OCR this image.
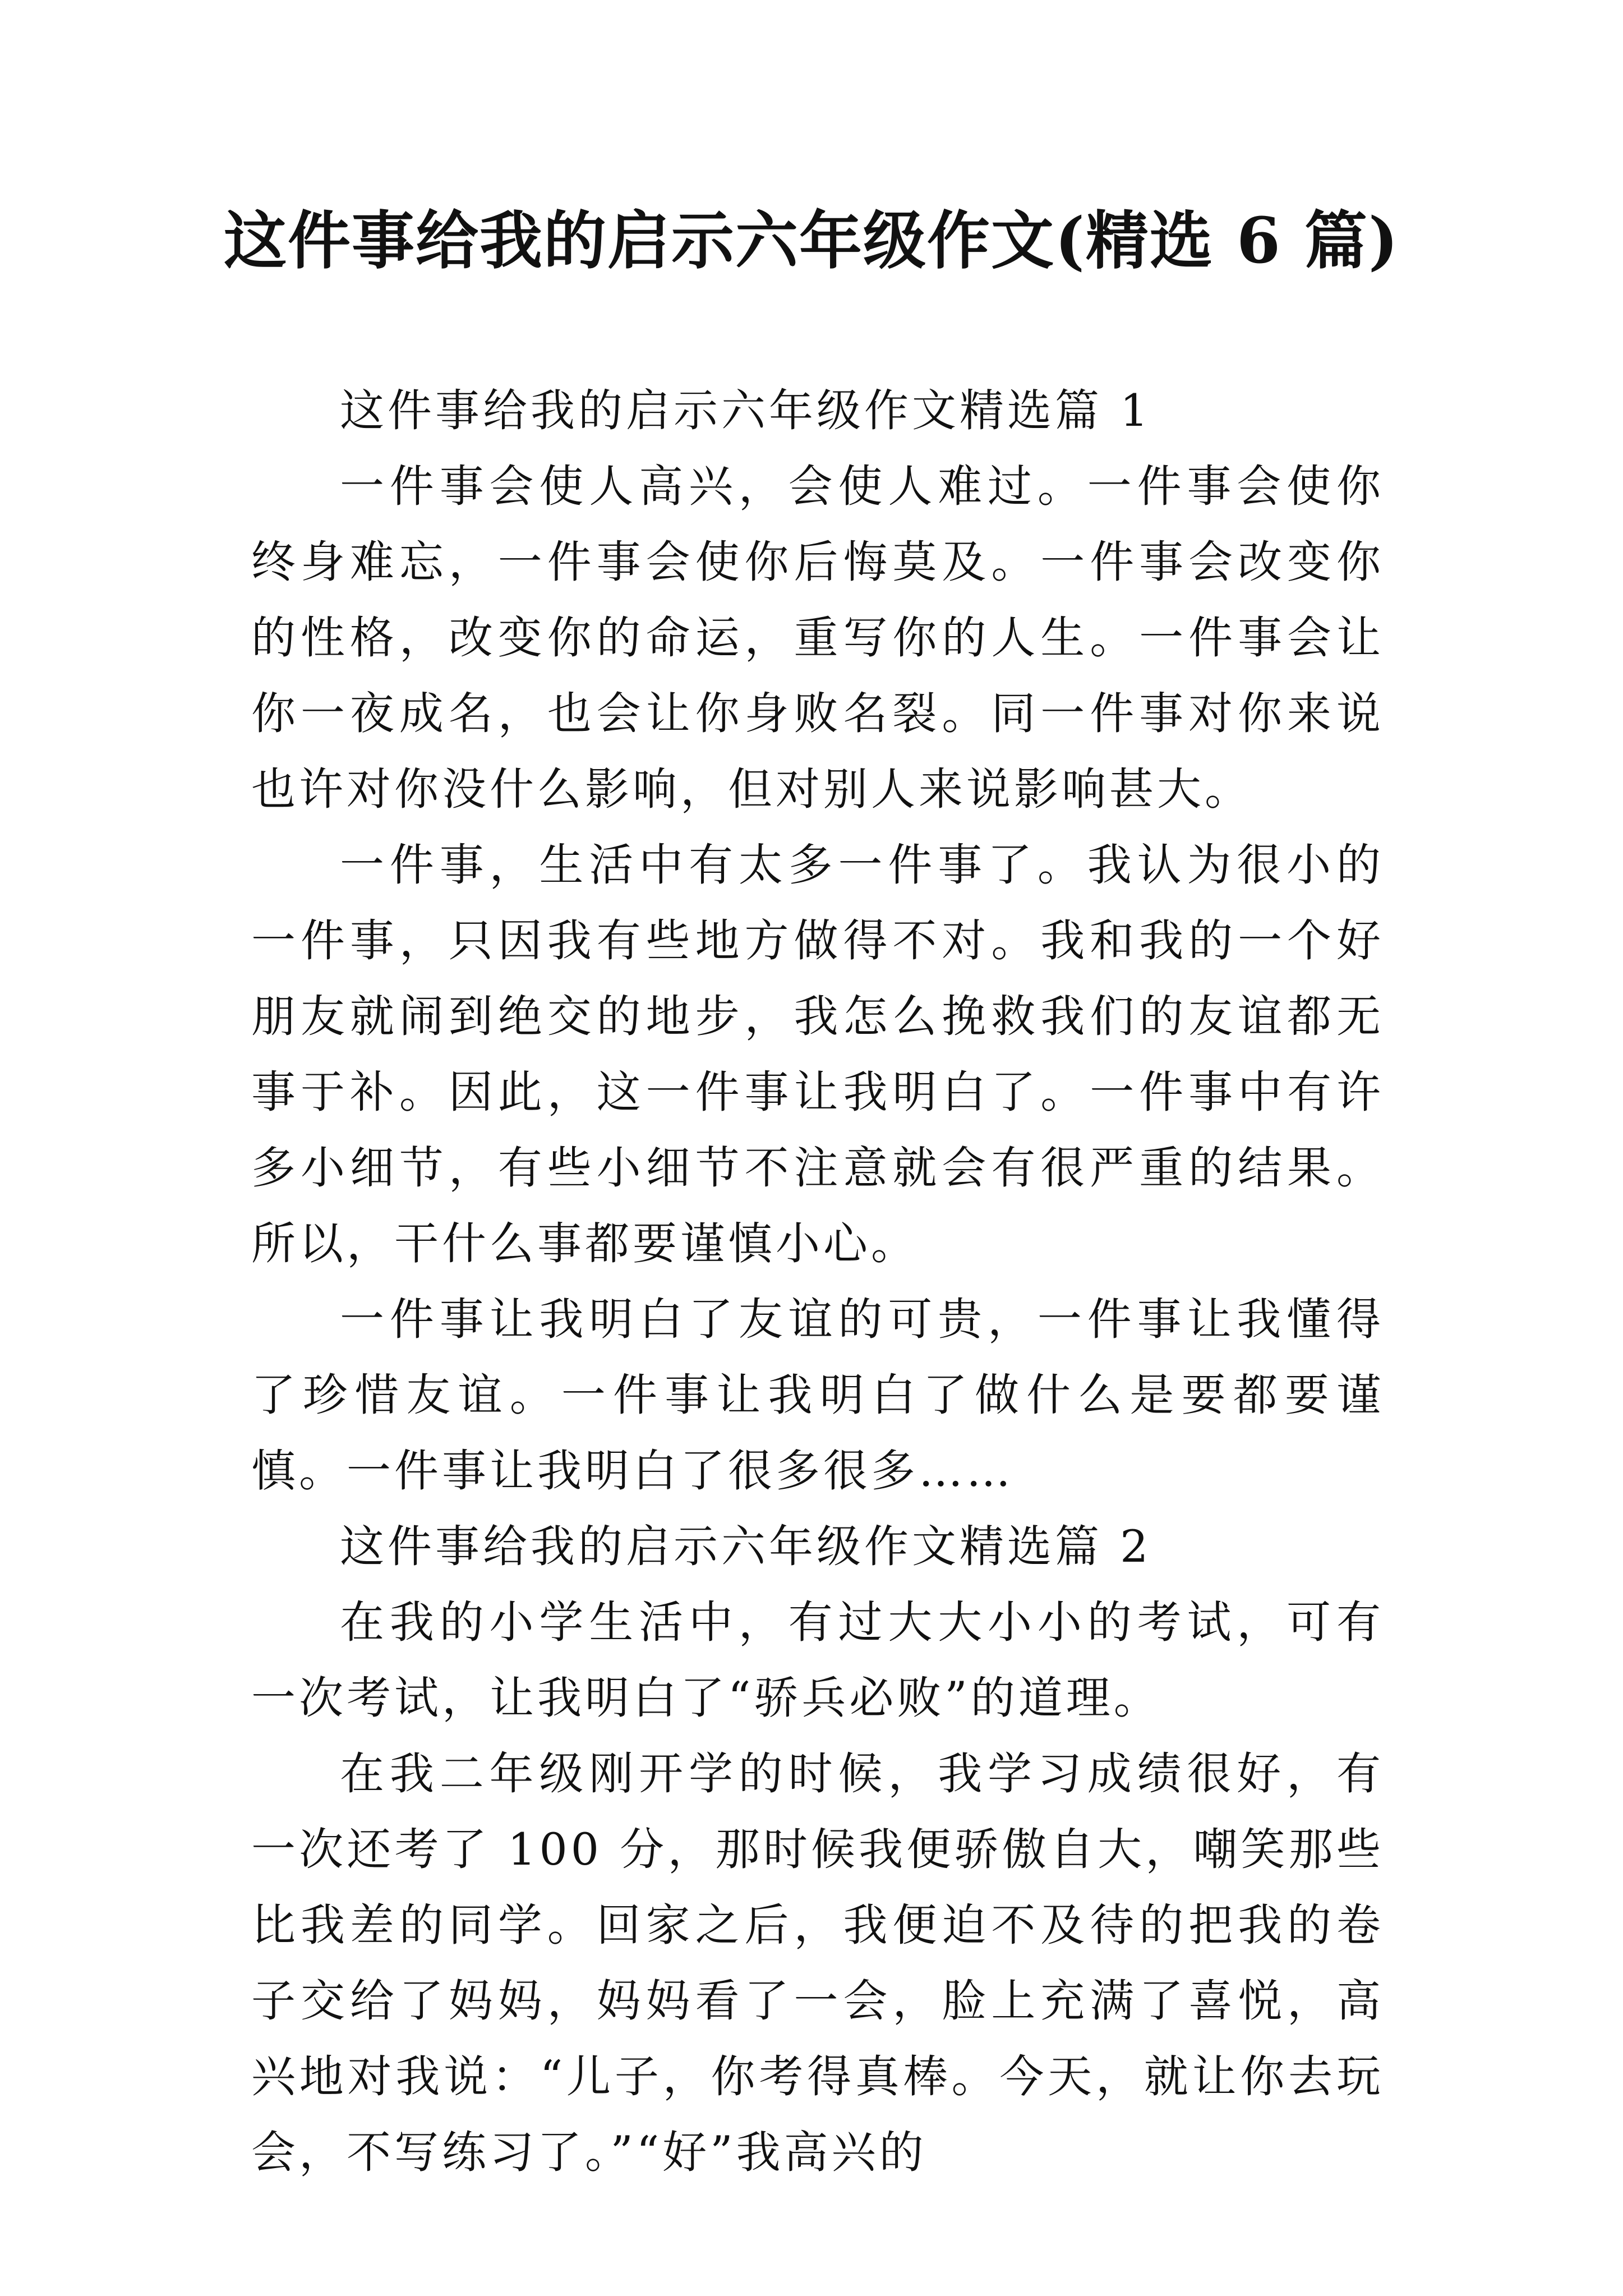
这件事给我的启示六年级作文(精选 6 篇)

这件事给我的启示六年级作文精选篇 1

一件事会使人高兴，会使人难过。一件事会使你终身难忘，一件事会使你后悔莫及。一件事会改变你的性格，改变你的命运，重写你的人生。一件事会让你一夜成名，也会让你身败名裂。同一件事对你来说也许对你没什么影响，但对别人来说影响甚大。

一件事，生活中有太多一件事了。我认为很小的一件事，只因我有些地方做得不对。我和我的一个好朋友就闹到绝交的地步，我怎么挽救我们的友谊都无事于补。因此，这一件事让我明白了。一件事中有许多小细节，有些小细节不注意就会有很严重的结果。所以，干什么事都要谨慎小心。

一件事让我明白了友谊的可贵，一件事让我懂得了珍惜友谊。一件事让我明白了做什么是要都要谨慎。一件事让我明白了很多很多……

这件事给我的启示六年级作文精选篇 2

在我的小学生活中，有过大大小小的考试，可有一次考试，让我明白了“骄兵必败”的道理。

在我二年级刚开学的时候，我学习成绩很好，有一次还考了 100 分，那时候我便骄傲自大，嘲笑那些比我差的同学。回家之后，我便迫不及待的把我的卷子交给了妈妈，妈妈看了一会，脸上充满了喜悦，高兴地对我说：“儿子，你考得真棒。今天，就让你去玩会，不写练习了。”“好”我高兴的
